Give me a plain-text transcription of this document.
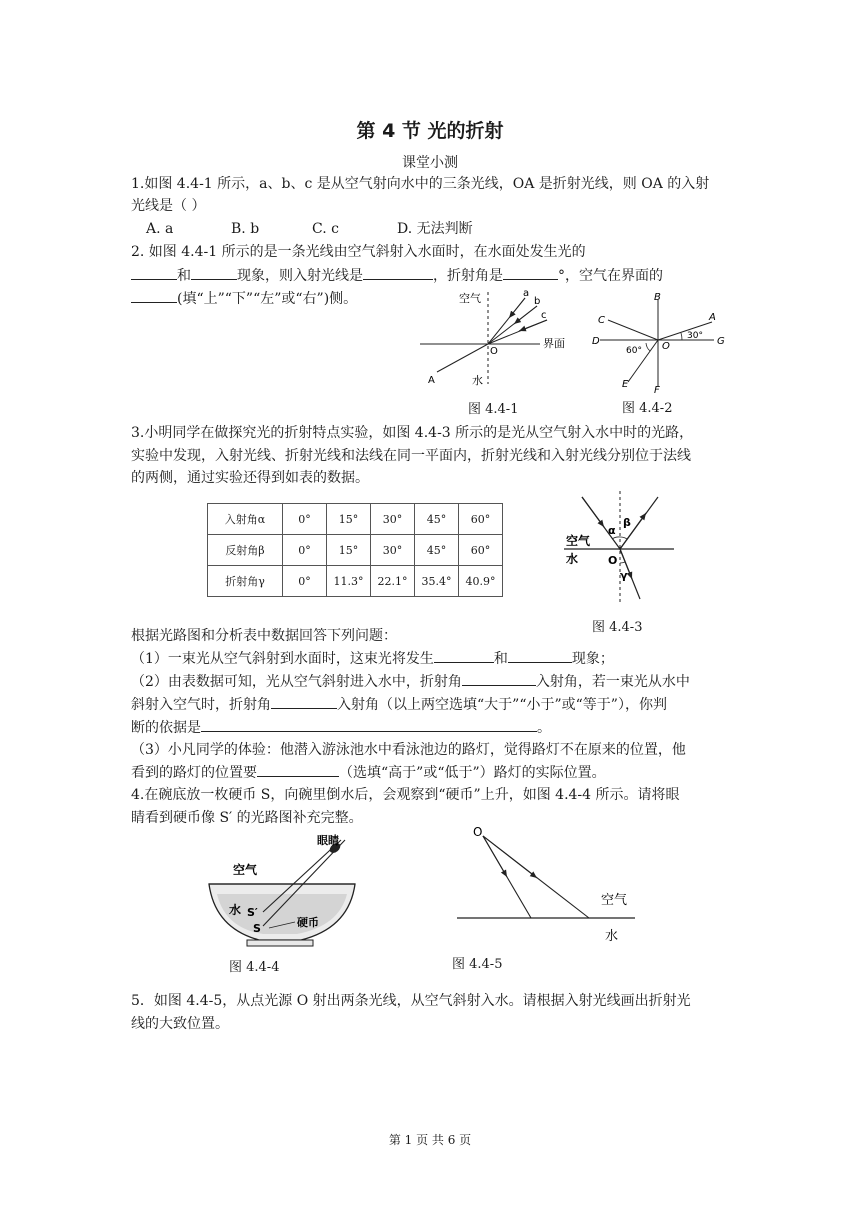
第 4 节 光的折射
课堂小测
1.如图 4.4-1 所示，a、b、c 是从空气射向水中的三条光线，OA 是折射光线，则 OA 的入射
光线是（ ）
A. a	B. b	C. c	D. 无法判断
2. 如图 4.4-1 所示的是一条光线由空气斜射入水面时，在水面处发生光的
和	现象，则入射光线是	，折射角是	°，空气在界面的
(填“上”“下”“左”或“右”)侧。	空气	a
b
c
O
界面
A	水
图 4.4-1
B
A
C
D	G
O
30°
60°
E
F
图 4.4-2
3.小明同学在做探究光的折射特点实验，如图 4.4-3 所示的是光从空气射入水中时的光路，
实验中发现，入射光线、折射光线和法线在同一平面内，折射光线和入射光线分别位于法线
的两侧，通过实验还得到如表的数据。
入射角α	0°	15°	30°	45°	60°
反射角β	0°	15°	30°	45°	60°
折射角γ	0°	11.3°	22.1°	35.4°	40.9°
空气
水	O
α
β
γ
图 4.4-3
根据光路图和分析表中数据回答下列问题：
（1）一束光从空气斜射到水面时，这束光将发生	和	现象；
（2）由表数据可知，光从空气斜射进入水中，折射角	入射角，若一束光从水中
斜射入空气时，折射角	入射角（以上两空选填“大于”“小于”或“等于”），你判
断的依据是	。
（3）小凡同学的体验：他潜入游泳池水中看泳池边的路灯，觉得路灯不在原来的位置，他
看到的路灯的位置要	（选填“高于”或“低于”）路灯的实际位置。
4.在碗底放一枚硬币 S，向碗里倒水后，会观察到“硬币”上升，如图 4.4-4 所示。请将眼
睛看到硬币像 S′ 的光路图补充完整。
眼睛
空气
水 S′
S	硬币
图 4.4-4
O
空气
水
图 4.4-5
5．如图 4.4-5，从点光源 O 射出两条光线，从空气斜射入水。请根据入射光线画出折射光
线的大致位置。
第 1 页 共 6 页
